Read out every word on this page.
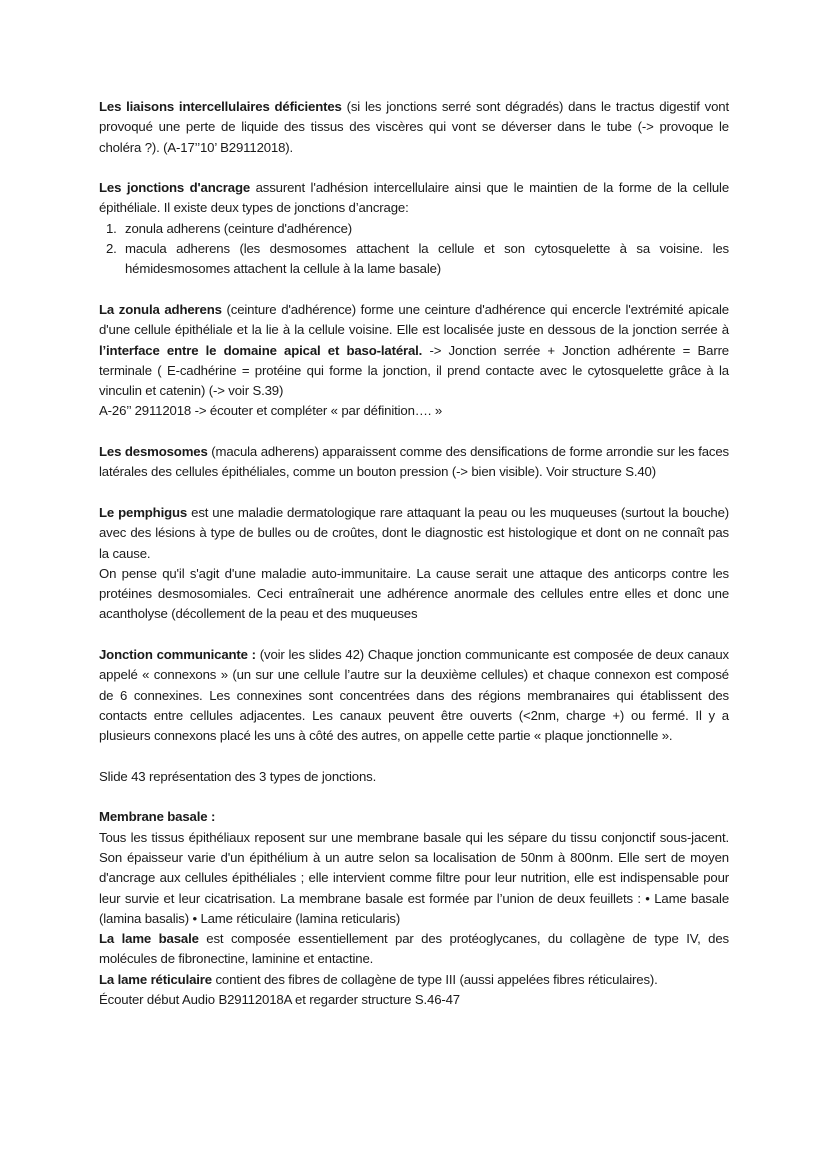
Les liaisons intercellulaires déficientes (si les jonctions serré sont dégradés) dans le tractus digestif vont provoqué une perte de liquide des tissus des viscères qui vont se déverser dans le tube (-> provoque le choléra ?). (A-17’’10’ B29112018).

Les jonctions d'ancrage assurent l'adhésion intercellulaire ainsi que le maintien de la forme de la cellule épithéliale. Il existe deux types de jonctions d’ancrage:

1. zonula adherens (ceinture d'adhérence)
2. macula adherens (les desmosomes attachent la cellule et son cytosquelette à sa voisine. les hémidesmosomes attachent la cellule à la lame basale)

La zonula adherens (ceinture d'adhérence) forme une ceinture d'adhérence qui encercle l'extrémité apicale d'une cellule épithéliale et la lie à la cellule voisine. Elle est localisée juste en dessous de la jonction serrée à l’interface entre le domaine apical et baso-latéral. -> Jonction serrée + Jonction adhérente = Barre terminale ( E-cadhérine = protéine qui forme la jonction, il prend contacte avec le cytosquelette grâce à la vinculin et catenin) (-> voir S.39)
A-26’’ 29112018 -> écouter et compléter « par définition…. »

Les desmosomes (macula adherens) apparaissent comme des densifications de forme arrondie sur les faces latérales des cellules épithéliales, comme un bouton pression (-> bien visible). Voir structure S.40)

Le pemphigus est une maladie dermatologique rare attaquant la peau ou les muqueuses (surtout la bouche) avec des lésions à type de bulles ou de croûtes, dont le diagnostic est histologique et dont on ne connaît pas la cause.
On pense qu'il s'agit d'une maladie auto-immunitaire. La cause serait une attaque des anticorps contre les protéines desmosomiales. Ceci entraînerait une adhérence anormale des cellules entre elles et donc une acantholyse (décollement de la peau et des muqueuses

Jonction communicante : (voir les slides 42) Chaque jonction communicante est composée de deux canaux appelé « connexons » (un sur une cellule l’autre sur la deuxième cellules) et chaque connexon est composé de 6 connexines. Les connexines sont concentrées dans des régions membranaires qui établissent des contacts entre cellules adjacentes. Les canaux peuvent être ouverts (<2nm, charge +) ou fermé. Il y a plusieurs connexons placé les uns à côté des autres, on appelle cette partie « plaque jonctionnelle ».

Slide 43 représentation des 3 types de jonctions.

Membrane basale :
Tous les tissus épithéliaux reposent sur une membrane basale qui les sépare du tissu conjonctif sous-jacent. Son épaisseur varie d'un épithélium à un autre selon sa localisation de 50nm à 800nm. Elle sert de moyen d'ancrage aux cellules épithéliales ; elle intervient comme filtre pour leur nutrition, elle est indispensable pour leur survie et leur cicatrisation. La membrane basale est formée par l’union de deux feuillets : • Lame basale (lamina basalis) • Lame réticulaire (lamina reticularis)
La lame basale est composée essentiellement par des protéoglycanes, du collagène de type IV, des molécules de fibronectine, laminine et entactine.
La lame réticulaire contient des fibres de collagène de type III (aussi appelées fibres réticulaires).
Écouter début Audio B29112018A et regarder structure S.46-47
